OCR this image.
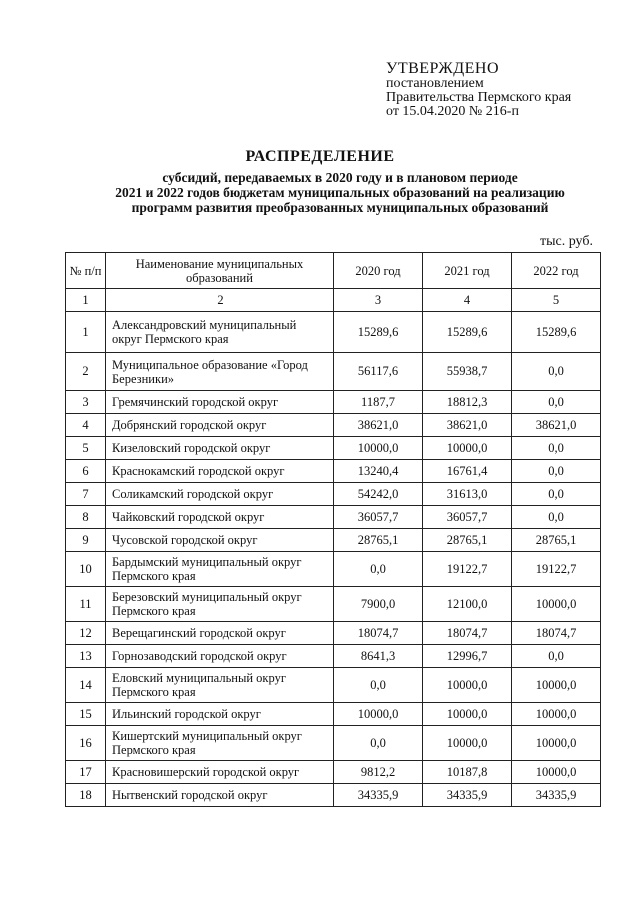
УТВЕРЖДЕНО
постановлением
Правительства Пермского края
от 15.04.2020 № 216-п
РАСПРЕДЕЛЕНИЕ
субсидий, передаваемых в 2020 году и в плановом периоде
2021 и 2022 годов бюджетам муниципальных образований на реализацию
программ развития преобразованных муниципальных образований
тыс. руб.
№ п/п	Наименование муниципальных образований	2020 год	2021 год	2022 год
1	2	3	4	5
1	Александровский муниципальный округ Пермского края	15289,6	15289,6	15289,6
2	Муниципальное образование «Город Березники»	56117,6	55938,7	0,0
3	Гремячинский городской округ	1187,7	18812,3	0,0
4	Добрянский городской округ	38621,0	38621,0	38621,0
5	Кизеловский городской округ	10000,0	10000,0	0,0
6	Краснокамский городской округ	13240,4	16761,4	0,0
7	Соликамский городской округ	54242,0	31613,0	0,0
8	Чайковский городской округ	36057,7	36057,7	0,0
9	Чусовской городской округ	28765,1	28765,1	28765,1
10	Бардымский муниципальный округ Пермского края	0,0	19122,7	19122,7
11	Березовский муниципальный округ Пермского края	7900,0	12100,0	10000,0
12	Верещагинский городской округ	18074,7	18074,7	18074,7
13	Горнозаводский городской округ	8641,3	12996,7	0,0
14	Еловский муниципальный округ Пермского края	0,0	10000,0	10000,0
15	Ильинский городской округ	10000,0	10000,0	10000,0
16	Кишертский муниципальный округ Пермского края	0,0	10000,0	10000,0
17	Красновишерский городской округ	9812,2	10187,8	10000,0
18	Нытвенский городской округ	34335,9	34335,9	34335,9
